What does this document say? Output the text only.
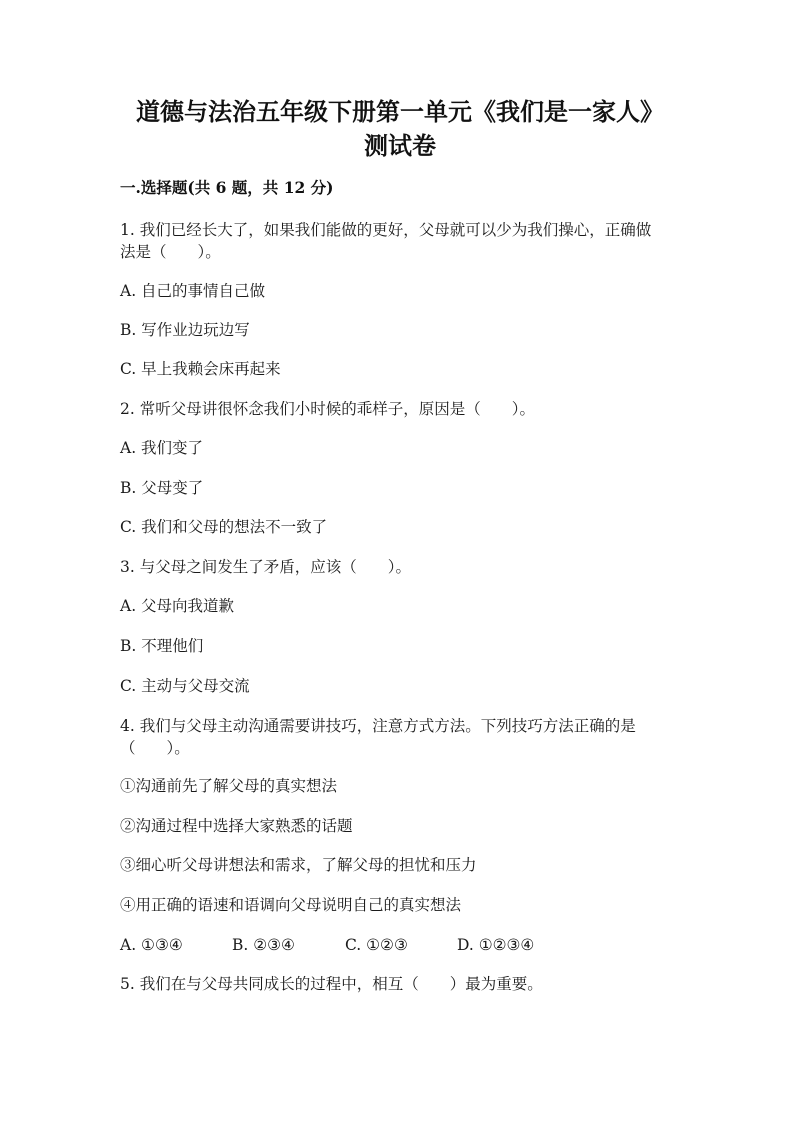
道德与法治五年级下册第一单元《我们是一家人》
测试卷
一.选择题(共 6 题，共 12 分)
1. 我们已经长大了，如果我们能做的更好，父母就可以少为我们操心，正确做
法是（　　）。
A. 自己的事情自己做
B. 写作业边玩边写
C. 早上我赖会床再起来
2. 常听父母讲很怀念我们小时候的乖样子，原因是（　　）。
A. 我们变了
B. 父母变了
C. 我们和父母的想法不一致了
3. 与父母之间发生了矛盾，应该（　　）。
A. 父母向我道歉
B. 不理他们
C. 主动与父母交流
4. 我们与父母主动沟通需要讲技巧，注意方式方法。下列技巧方法正确的是
（　　）。
①沟通前先了解父母的真实想法
②沟通过程中选择大家熟悉的话题
③细心听父母讲想法和需求，了解父母的担忧和压力
④用正确的语速和语调向父母说明自己的真实想法
A. ①③④	B. ②③④	C. ①②③	D. ①②③④
5. 我们在与父母共同成长的过程中，相互（　　）最为重要。
